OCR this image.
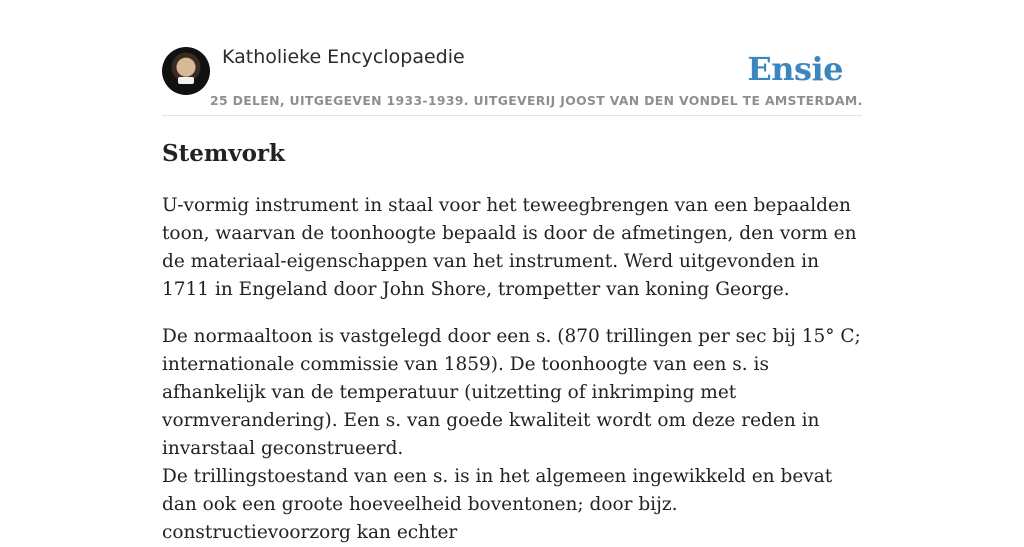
Katholieke Encyclopaedie
25 DELEN, UITGEGEVEN 1933-1939. UITGEVERIJ JOOST VAN DEN VONDEL TE AMSTERDAM.
Ensie
Stemvork

U-vormig instrument in staal voor het teweegbrengen van een bepaalden toon, waarvan de toonhoogte bepaald is door de afmetingen, den vorm en de materiaal-eigenschappen van het instrument. Werd uitgevonden in 1711 in Engeland door John Shore, trompetter van koning George.

De normaaltoon is vastgelegd door een s. (870 trillingen per sec bij 15° C; internationale commissie van 1859). De toonhoogte van een s. is afhankelijk van de temperatuur (uitzetting of inkrimping met vormverandering). Een s. van goede kwaliteit wordt om deze reden in invarstaal geconstrueerd.

De trillingstoestand van een s. is in het algemeen ingewikkeld en bevat dan ook een groote hoeveelheid boventonen; door bijz. constructievoorzorg kan echter
